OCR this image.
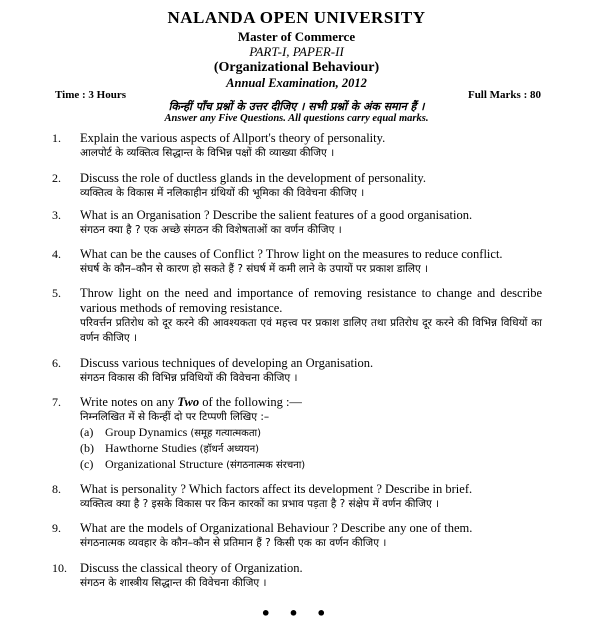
NALANDA OPEN UNIVERSITY
Master of Commerce
PART-I, PAPER-II
(Organizational Behaviour)
Annual Examination, 2012
Time : 3 Hours	Full Marks : 80
किन्हीं पाँच प्रश्नों के उत्तर दीजिए । सभी प्रश्नों के अंक समान हैं ।
Answer any Five Questions. All questions carry equal marks.
1. Explain the various aspects of Allport's theory of personality.
आलपोर्ट के व्यक्तित्व सिद्धान्त के विभिन्न पक्षों की व्याख्या कीजिए ।
2. Discuss the role of ductless glands in the development of personality.
व्यक्तित्व के विकास में नलिकाहीन ग्रंथियों की भूमिका की विवेचना कीजिए ।
3. What is an Organisation ? Describe the salient features of a good organisation.
संगठन क्या है ? एक अच्छे संगठन की विशेषताओं का वर्णन कीजिए ।
4. What can be the causes of Conflict ? Throw light on the measures to reduce conflict.
संघर्ष के कौन–कौन से कारण हो सकते हैं ? संघर्ष में कमी लाने के उपायों पर प्रकाश डालिए ।
5. Throw light on the need and importance of removing resistance to change and describe various methods of removing resistance.
परिवर्त्तन प्रतिरोध को दूर करने की आवश्यकता एवं महत्त्व पर प्रकाश डालिए तथा प्रतिरोध दूर करने की विभिन्न विधियों का वर्णन कीजिए ।
6. Discuss various techniques of developing an Organisation.
संगठन विकास की विभिन्न प्रविधियों की विवेचना कीजिए ।
7. Write notes on any Two of the following :—
निम्नलिखित में से किन्हीं दो पर टिप्पणी लिखिए :–
(a) Group Dynamics (समूह गत्यात्मकता)
(b) Hawthorne Studies (हॉथर्न अध्ययन)
(c) Organizational Structure (संगठनात्मक संरचना)
8. What is personality ? Which factors affect its development ? Describe in brief.
व्यक्तित्व क्या है ? इसके विकास पर किन कारकों का प्रभाव पड़ता है ? संक्षेप में वर्णन कीजिए ।
9. What are the models of Organizational Behaviour ? Describe any one of them.
संगठनात्मक व्यवहार के कौन–कौन से प्रतिमान हैं ? किसी एक का वर्णन कीजिए ।
10. Discuss the classical theory of Organization.
संगठन के शास्त्रीय सिद्धान्त की विवेचना कीजिए ।
• • •
